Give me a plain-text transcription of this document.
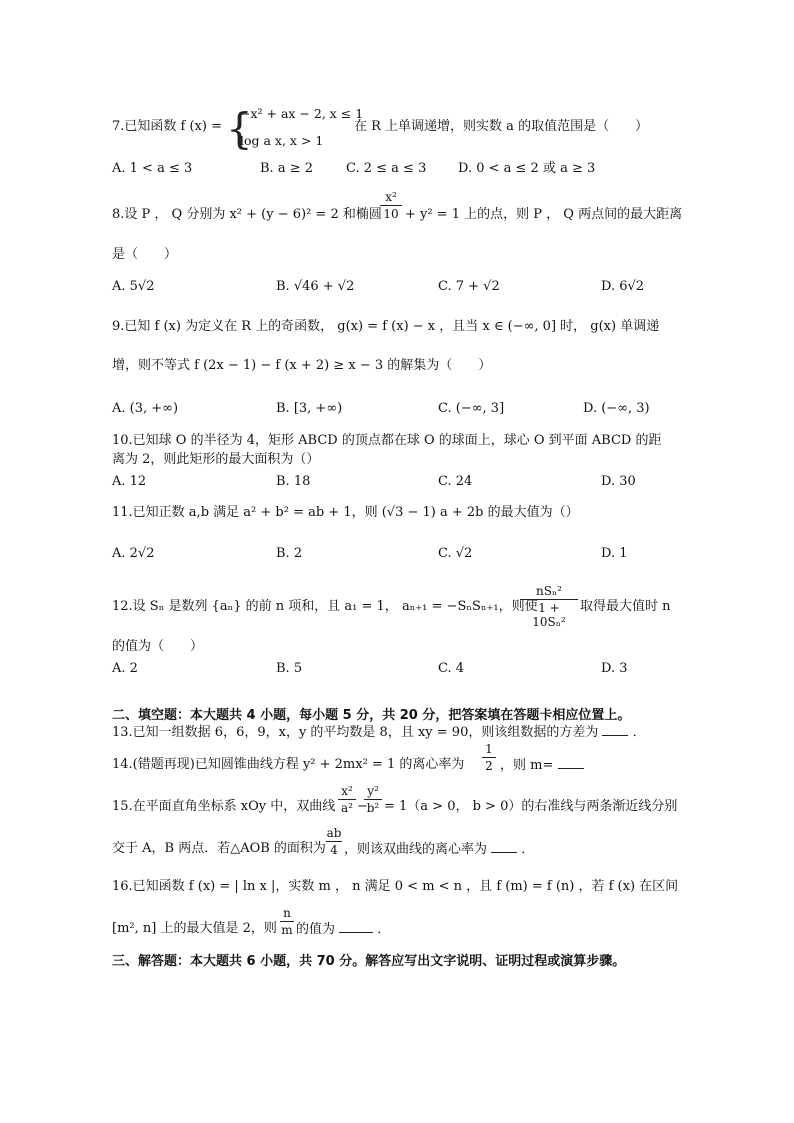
7.已知函数 f (x) = {
−x² + ax − 2, x ≤ 1
log a x, x > 1
在 R 上单调递增，则实数 a 的取值范围是（　　）
A. 1 < a ≤ 3	B. a ≥ 2	C. 2 ≤ a ≤ 3 D. 0 < a ≤ 2 或 a ≥ 3
8.设 P ， Q 分别为 x² + (y − 6)² = 2 和椭圆
x²
10 + y² = 1 上的点，则 P ， Q 两点间的最大距离
是（　　）
A. 5√2	B. √46 + √2	C. 7 + √2	D. 6√2
9.已知 f (x) 为定义在 R 上的奇函数， g(x) = f (x) − x ，且当 x ∈ (−∞, 0] 时， g(x) 单调递
增，则不等式 f (2x − 1) − f (x + 2) ≥ x − 3 的解集为（　　）
A. (3, +∞)	B. [3, +∞)	C. (−∞, 3]	D. (−∞, 3)
10.已知球 O 的半径为 4，矩形 ABCD 的顶点都在球 O 的球面上，球心 O 到平面 ABCD 的距
离为 2，则此矩形的最大面积为（）
A. 12	B. 18	C. 24	D. 30
11.已知正数 a,b 满足 a² + b² = ab + 1，则 (√3 − 1) a + 2b 的最大值为（）
A. 2√2	B. 2	C. √2	D. 1
12.设 Sₙ 是数列 {aₙ} 的前 n 项和，且 a₁ = 1， aₙ₊₁ = −SₙSₙ₊₁，则使
nSₙ²
1 + 10Sₙ²
取得最大值时 n
的值为（　　）
A. 2	B. 5	C. 4	D. 3
二、填空题：本大题共 4 小题，每小题 5 分，共 20 分，把答案填在答题卡相应位置上。
13.已知一组数据 6，6，9，x，y 的平均数是 8，且 xy = 90，则该组数据的方差为	．
14.(错题再现)已知圆锥曲线方程 y² + 2mx² = 1 的离心率为
1
2 ，则 m=
15.在平面直角坐标系 xOy 中，双曲线
x²
a² −
y²
b² = 1（a > 0， b > 0）的右准线与两条渐近线分别
交于 A，B 两点．若△AOB 的面积为
ab
4 ，则该双曲线的离心率为	．
16.已知函数 f (x) = | ln x |，实数 m ， n 满足 0 < m < n ，且 f (m) = f (n) ，若 f (x) 在区间
[m², n] 上的最大值是 2，则
n
m 的值为	．
三、解答题：本大题共 6 小题，共 70 分。解答应写出文字说明、证明过程或演算步骤。
